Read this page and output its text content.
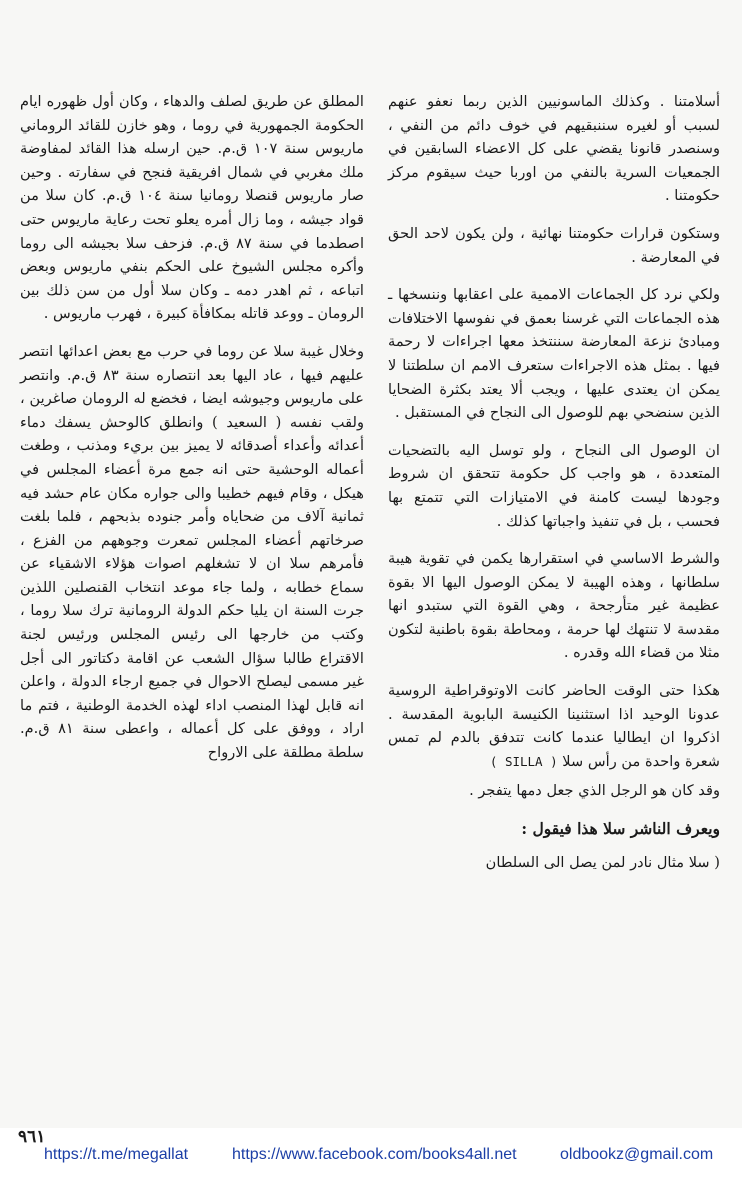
أسلامتنا . وكذلك الماسونيين الذين ربما نعفو عنهم لسبب أو لغيره سننبقيهم في خوف دائم من النفي ، وسنصدر قانونا يقضي على كل الاعضاء السابقين في الجمعيات السرية بالنفي من اوربا حيث سيقوم مركز حكومتنا .

وستكون قرارات حكومتنا نهائية ، ولن يكون لاحد الحق في المعارضة .

ولكي نرد كل الجماعات الاممية على اعقابها وننسخها ـ هذه الجماعات التي غرسنا بعمق في نفوسها الاختلافات ومبادئ نزعة المعارضة سننتخذ معها اجراءات لا رحمة فيها . بمثل هذه الاجراءات ستعرف الامم ان سلطتنا لا يمكن ان يعتدى عليها ، ويجب ألا يعتد بكثرة الضحايا الذين سنضحي بهم للوصول الى النجاح في المستقبل .

ان الوصول الى النجاح ، ولو توسل اليه بالتضحيات المتعددة ، هو واجب كل حكومة تتحقق ان شروط وجودها ليست كامنة في الامتيازات التي تتمتع بها فحسب ، بل في تنفيذ واجباتها كذلك .

والشرط الاساسي في استقرارها يكمن في تقوية هيبة سلطانها ، وهذه الهيبة لا يمكن الوصول اليها الا بقوة عظيمة غير متأرجحة ، وهي القوة التي ستبدو انها مقدسة لا تنتهك لها حرمة ، ومحاطة بقوة باطنية لتكون مثلا من قضاء الله وقدره .

هكذا حتى الوقت الحاضر كانت الاوتوقراطية الروسية عدونا الوحيد اذا استثنينا الكنيسة البابوية المقدسة . اذكروا ان ايطاليا عندما كانت تتدفق بالدم لم تمس شعرة واحدة من رأس سلا ( SILLA )

وقد كان هو الرجل الذي جعل دمها يتفجر .

ويعرف الناشر سلا هذا فيقول :

( سلا مثال نادر لمن يصل الى السلطان

المطلق عن طريق لصلف والدهاء ، وكان أول ظهوره ايام الحكومة الجمهورية في روما ، وهو خازن للقائد الروماني ماريوس سنة ١٠٧ ق.م. حين ارسله هذا القائد لمفاوضة ملك مغربي في شمال افريقية فنجح في سفارته . وحين صار ماريوس قنصلا رومانيا سنة ١٠٤ ق.م. كان سلا من قواد جيشه ، وما زال أمره يعلو تحت رعاية ماريوس حتى اصطدما في سنة ٨٧ ق.م. فزحف سلا بجيشه الى روما وأكره مجلس الشيوخ على الحكم بنفي ماريوس وبعض اتباعه ، ثم اهدر دمه ـ وكان سلا أول من سن ذلك بين الرومان ـ ووعد قاتله بمكافأة كبيرة ، فهرب ماريوس .

وخلال غيبة سلا عن روما في حرب مع بعض اعدائها انتصر عليهم فيها ، عاد اليها بعد انتصاره سنة ٨٣ ق.م. وانتصر على ماريوس وجيوشه ايضا ، فخضع له الرومان صاغرين ، ولقب نفسه ( السعيد ) وانطلق كالوحش يسفك دماء أعدائه وأعداء أصدقائه لا يميز بين بريء ومذنب ، وطغت أعماله الوحشية حتى انه جمع مرة أعضاء المجلس في هيكل ، وقام فيهم خطيبا والى جواره مكان عام حشد فيه ثمانية آلاف من ضحاياه وأمر جنوده بذبحهم ، فلما بلغت صرخاتهم أعضاء المجلس تمعرت وجوههم من الفزع ، فأمرهم سلا ان لا تشغلهم اصوات هؤلاء الاشقياء عن سماع خطابه ، ولما جاء موعد انتخاب القنصلين اللذين جرت السنة ان يليا حكم الدولة الرومانية ترك سلا روما ، وكتب من خارجها الى رئيس المجلس ورئيس لجنة الاقتراع طالبا سؤال الشعب عن اقامة دكتاتور الى أجل غير مسمى ليصلح الاحوال في جميع ارجاء الدولة ، واعلن انه قابل لهذا المنصب اداء لهذه الخدمة الوطنية ، فتم ما اراد ، ووفق على كل أعماله ، واعطى سنة ٨١ ق.م. سلطة مطلقة على الارواح

٩٦١
https://t.me/megallat	https://www.facebook.com/books4all.net	oldbookz@gmail.com
